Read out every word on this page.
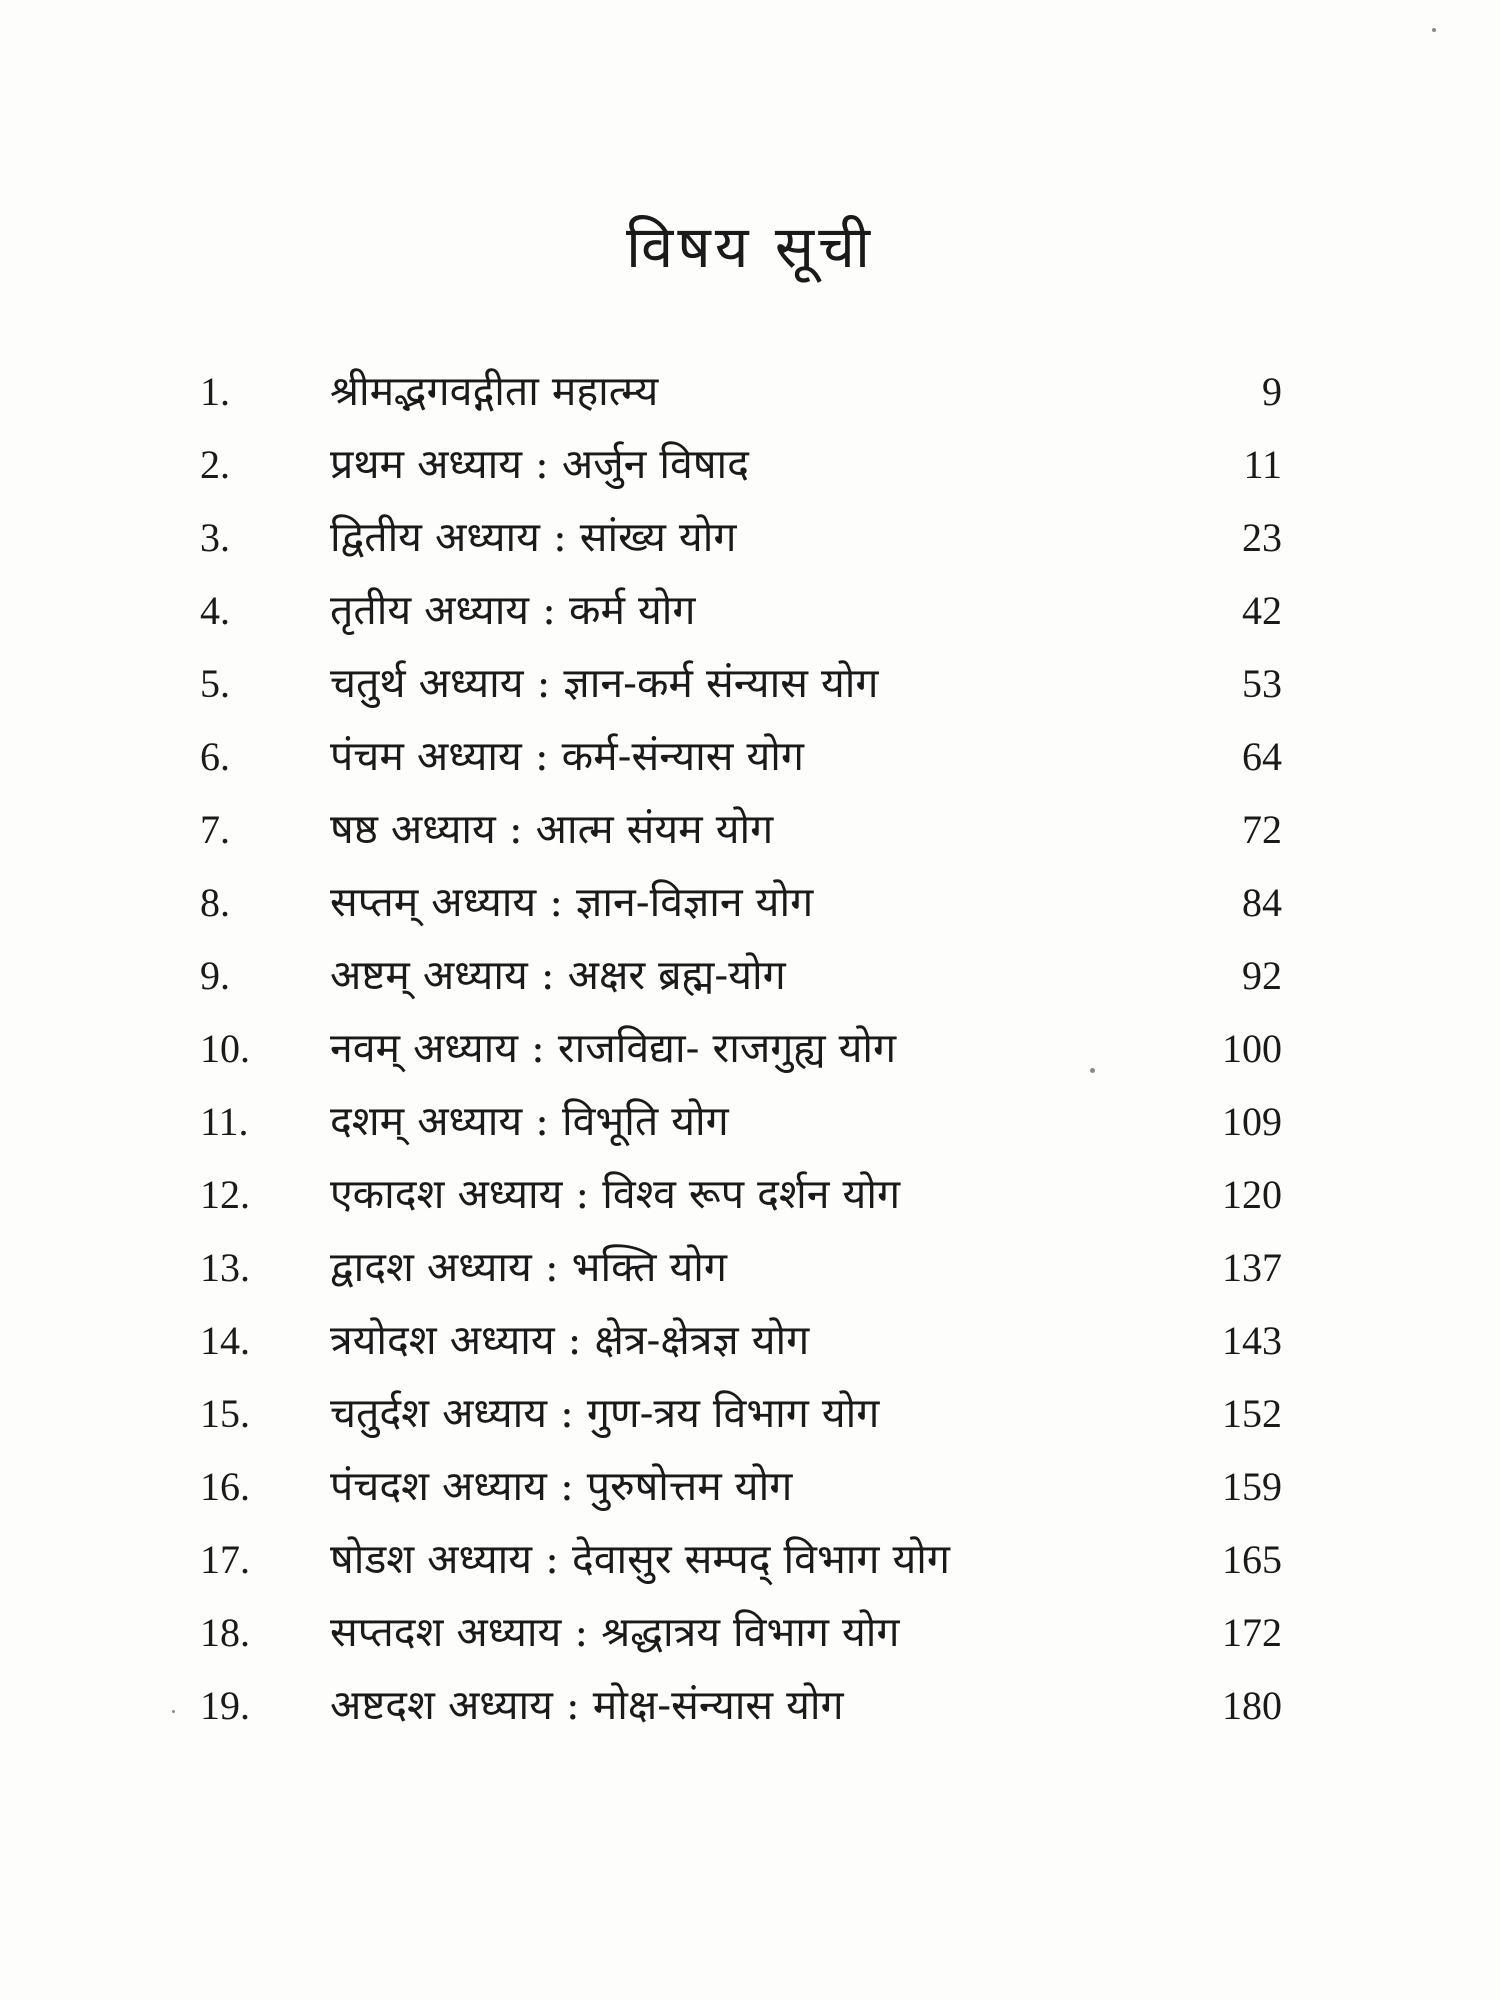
विषय सूची
1.	श्रीमद्भगवद्गीता महात्म्य	9
2.	प्रथम अध्याय : अर्जुन विषाद	11
3.	द्वितीय अध्याय : सांख्य योग	23
4.	तृतीय अध्याय : कर्म योग	42
5.	चतुर्थ अध्याय : ज्ञान-कर्म संन्यास योग	53
6.	पंचम अध्याय : कर्म-संन्यास योग	64
7.	षष्ठ अध्याय : आत्म संयम योग	72
8.	सप्तम् अध्याय : ज्ञान-विज्ञान योग	84
9.	अष्टम् अध्याय : अक्षर ब्रह्म-योग	92
10.	नवम् अध्याय : राजविद्या- राजगुह्य योग	100
11.	दशम् अध्याय : विभूति योग	109
12.	एकादश अध्याय : विश्व रूप दर्शन योग	120
13.	द्वादश अध्याय : भक्ति योग	137
14.	त्रयोदश अध्याय : क्षेत्र-क्षेत्रज्ञ योग	143
15.	चतुर्दश अध्याय : गुण-त्रय विभाग योग	152
16.	पंचदश अध्याय : पुरुषोत्तम योग	159
17.	षोडश अध्याय : देवासुर सम्पद् विभाग योग	165
18.	सप्तदश अध्याय : श्रद्धात्रय विभाग योग	172
19.	अष्टदश अध्याय : मोक्ष-संन्यास योग	180
